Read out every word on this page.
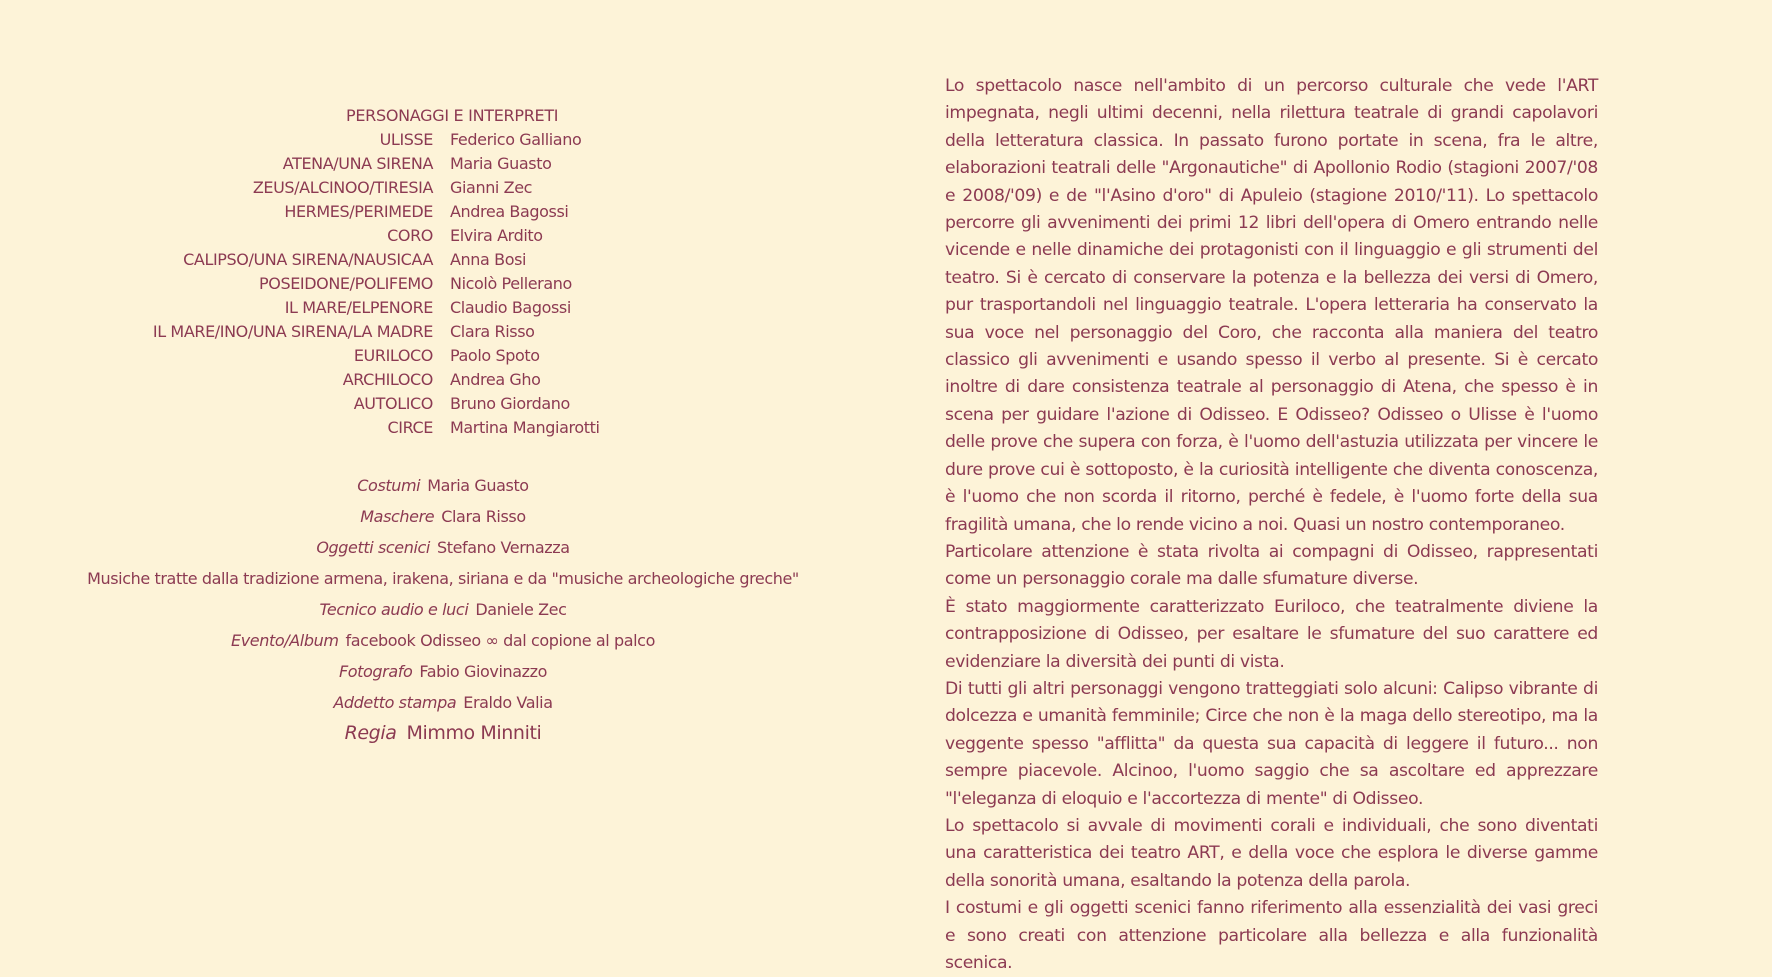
PERSONAGGI E INTERPRETI
ULISSE Federico Galliano
ATENA/UNA SIRENA Maria Guasto
ZEUS/ALCINOO/TIRESIA Gianni Zec
HERMES/PERIMEDE Andrea Bagossi
CORO Elvira Ardito
CALIPSO/UNA SIRENA/NAUSICAA Anna Bosi
POSEIDONE/POLIFEMO Nicolò Pellerano
IL MARE/ELPENORE Claudio Bagossi
IL MARE/INO/UNA SIRENA/LA MADRE Clara Risso
EURILOCO Paolo Spoto
ARCHILOCO Andrea Gho
AUTOLICO Bruno Giordano
CIRCE Martina Mangiarotti
Costumi Maria Guasto
Maschere Clara Risso
Oggetti scenici Stefano Vernazza
Musiche tratte dalla tradizione armena, irakena, siriana e da "musiche archeologiche greche"
Tecnico audio e luci Daniele Zec
Evento/Album facebook Odisseo ∞ dal copione al palco
Fotografo Fabio Giovinazzo
Addetto stampa Eraldo Valia
Regia Mimmo Minniti

Lo spettacolo nasce nell'ambito di un percorso culturale che vede l'ART impegnata, negli ultimi decenni, nella rilettura teatrale di grandi capolavori della letteratura classica. In passato furono portate in scena, fra le altre, elaborazioni teatrali delle "Argonautiche" di Apollonio Rodio (stagioni 2007/'08 e 2008/'09) e de "l'Asino d'oro" di Apuleio (stagione 2010/'11). Lo spettacolo percorre gli avvenimenti dei primi 12 libri dell'opera di Omero entrando nelle vicende e nelle dinamiche dei protagonisti con il linguaggio e gli strumenti del teatro. Si è cercato di conservare la potenza e la bellezza dei versi di Omero, pur trasportandoli nel linguaggio teatrale. L'opera letteraria ha conservato la sua voce nel personaggio del Coro, che racconta alla maniera del teatro classico gli avvenimenti e usando spesso il verbo al presente. Si è cercato inoltre di dare consistenza teatrale al personaggio di Atena, che spesso è in scena per guidare l'azione di Odisseo. E Odisseo? Odisseo o Ulisse è l'uomo delle prove che supera con forza, è l'uomo dell'astuzia utilizzata per vincere le dure prove cui è sottoposto, è la curiosità intelligente che diventa conoscenza, è l'uomo che non scorda il ritorno, perché è fedele, è l'uomo forte della sua fragilità umana, che lo rende vicino a noi. Quasi un nostro contemporaneo.

Particolare attenzione è stata rivolta ai compagni di Odisseo, rappresentati come un personaggio corale ma dalle sfumature diverse.

È stato maggiormente caratterizzato Euriloco, che teatralmente diviene la contrapposizione di Odisseo, per esaltare le sfumature del suo carattere ed evidenziare la diversità dei punti di vista.

Di tutti gli altri personaggi vengono tratteggiati solo alcuni: Calipso vibrante di dolcezza e umanità femminile; Circe che non è la maga dello stereotipo, ma la veggente spesso "afflitta" da questa sua capacità di leggere il futuro... non sempre piacevole. Alcinoo, l'uomo saggio che sa ascoltare ed apprezzare "l'eleganza di eloquio e l'accortezza di mente" di Odisseo.

Lo spettacolo si avvale di movimenti corali e individuali, che sono diventati una caratteristica dei teatro ART, e della voce che esplora le diverse gamme della sonorità umana, esaltando la potenza della parola.

I costumi e gli oggetti scenici fanno riferimento alla essenzialità dei vasi greci e sono creati con attenzione particolare alla bellezza e alla funzionalità scenica.
